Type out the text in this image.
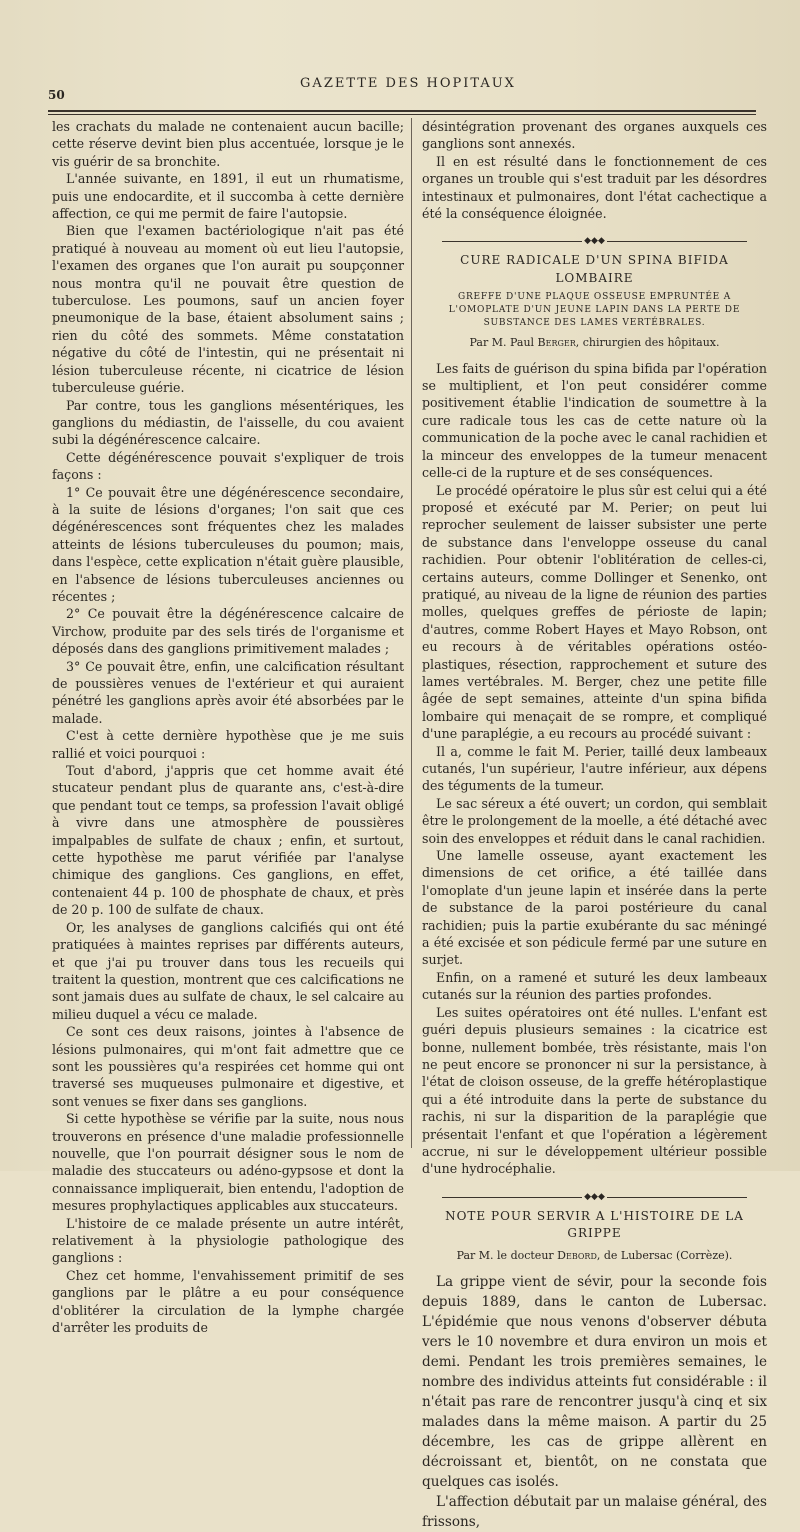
50
GAZETTE DES HOPITAUX

les crachats du malade ne contenaient aucun bacille; cette réserve devint bien plus accentuée, lorsque je le vis guérir de sa bronchite.

L'année suivante, en 1891, il eut un rhumatisme, puis une endocardite, et il succomba à cette dernière affection, ce qui me permit de faire l'autopsie.

Bien que l'examen bactériologique n'ait pas été pratiqué à nouveau au moment où eut lieu l'autopsie, l'examen des organes que l'on aurait pu soupçonner nous montra qu'il ne pouvait être question de tuberculose. Les poumons, sauf un ancien foyer pneumonique de la base, étaient absolument sains ; rien du côté des sommets. Même constatation négative du côté de l'intestin, qui ne présentait ni lésion tuberculeuse récente, ni cicatrice de lésion tuberculeuse guérie.

Par contre, tous les ganglions mésentériques, les ganglions du médiastin, de l'aisselle, du cou avaient subi la dégénérescence calcaire.

Cette dégénérescence pouvait s'expliquer de trois façons :

1° Ce pouvait être une dégénérescence secondaire, à la suite de lésions d'organes; l'on sait que ces dégénérescences sont fréquentes chez les malades atteints de lésions tuberculeuses du poumon; mais, dans l'espèce, cette explication n'était guère plausible, en l'absence de lésions tuberculeuses anciennes ou récentes ;

2° Ce pouvait être la dégénérescence calcaire de Virchow, produite par des sels tirés de l'organisme et déposés dans des ganglions primitivement malades ;

3° Ce pouvait être, enfin, une calcification résultant de poussières venues de l'extérieur et qui auraient pénétré les ganglions après avoir été absorbées par le malade.

C'est à cette dernière hypothèse que je me suis rallié et voici pourquoi :

Tout d'abord, j'appris que cet homme avait été stucateur pendant plus de quarante ans, c'est-à-dire que pendant tout ce temps, sa profession l'avait obligé à vivre dans une atmosphère de poussières impalpables de sulfate de chaux ; enfin, et surtout, cette hypothèse me parut vérifiée par l'analyse chimique des ganglions. Ces ganglions, en effet, contenaient 44 p. 100 de phosphate de chaux, et près de 20 p. 100 de sulfate de chaux.

Or, les analyses de ganglions calcifiés qui ont été pratiquées à maintes reprises par différents auteurs, et que j'ai pu trouver dans tous les recueils qui traitent la question, montrent que ces calcifications ne sont jamais dues au sulfate de chaux, le sel calcaire au milieu duquel a vécu ce malade.

Ce sont ces deux raisons, jointes à l'absence de lésions pulmonaires, qui m'ont fait admettre que ce sont les poussières qu'a respirées cet homme qui ont traversé ses muqueuses pulmonaire et digestive, et sont venues se fixer dans ses ganglions.

Si cette hypothèse se vérifie par la suite, nous nous trouverons en présence d'une maladie professionnelle nouvelle, que l'on pourrait désigner sous le nom de maladie des stuccateurs ou adéno-gypsose et dont la connaissance impliquerait, bien entendu, l'adoption de mesures prophylactiques applicables aux stuccateurs.

L'histoire de ce malade présente un autre intérêt, relativement à la physiologie pathologique des ganglions :

Chez cet homme, l'envahissement primitif de ses ganglions par le plâtre a eu pour conséquence d'oblitérer la circulation de la lymphe chargée d'arrêter les produits de

désintégration provenant des organes auxquels ces ganglions sont annexés.

Il en est résulté dans le fonctionnement de ces organes un trouble qui s'est traduit par les désordres intestinaux et pulmonaires, dont l'état cachectique a été la conséquence éloignée.

◆◆◆
CURE RADICALE D'UN SPINA BIFIDA LOMBAIRE
GREFFE D'UNE PLAQUE OSSEUSE EMPRUNTÉE A L'OMOPLATE D'UN JEUNE LAPIN DANS LA PERTE DE SUBSTANCE DES LAMES VERTÉBRALES.
Par M. Paul Berger, chirurgien des hôpitaux.

Les faits de guérison du spina bifida par l'opération se multiplient, et l'on peut considérer comme positivement établie l'indication de soumettre à la cure radicale tous les cas de cette nature où la communication de la poche avec le canal rachidien et la minceur des enveloppes de la tumeur menacent celle-ci de la rupture et de ses conséquences.

Le procédé opératoire le plus sûr est celui qui a été proposé et exécuté par M. Perier; on peut lui reprocher seulement de laisser subsister une perte de substance dans l'enveloppe osseuse du canal rachidien. Pour obtenir l'oblitération de celles-ci, certains auteurs, comme Dollinger et Senenko, ont pratiqué, au niveau de la ligne de réunion des parties molles, quelques greffes de périoste de lapin; d'autres, comme Robert Hayes et Mayo Robson, ont eu recours à de véritables opérations ostéo-plastiques, résection, rapprochement et suture des lames vertébrales. M. Berger, chez une petite fille âgée de sept semaines, atteinte d'un spina bifida lombaire qui menaçait de se rompre, et compliqué d'une paraplégie, a eu recours au procédé suivant :

Il a, comme le fait M. Perier, taillé deux lambeaux cutanés, l'un supérieur, l'autre inférieur, aux dépens des téguments de la tumeur.

Le sac séreux a été ouvert; un cordon, qui semblait être le prolongement de la moelle, a été détaché avec soin des enveloppes et réduit dans le canal rachidien.

Une lamelle osseuse, ayant exactement les dimensions de cet orifice, a été taillée dans l'omoplate d'un jeune lapin et insérée dans la perte de substance de la paroi postérieure du canal rachidien; puis la partie exubérante du sac méningé a été excisée et son pédicule fermé par une suture en surjet.

Enfin, on a ramené et suturé les deux lambeaux cutanés sur la réunion des parties profondes.

Les suites opératoires ont été nulles. L'enfant est guéri depuis plusieurs semaines : la cicatrice est bonne, nullement bombée, très résistante, mais l'on ne peut encore se prononcer ni sur la persistance, à l'état de cloison osseuse, de la greffe hétéroplastique qui a été introduite dans la perte de substance du rachis, ni sur la disparition de la paraplégie que présentait l'enfant et que l'opération a légèrement accrue, ni sur le développement ultérieur possible d'une hydrocéphalie.

◆◆◆
NOTE POUR SERVIR A L'HISTOIRE DE LA GRIPPE
Par M. le docteur Debord, de Lubersac (Corrèze).

La grippe vient de sévir, pour la seconde fois depuis 1889, dans le canton de Lubersac. L'épidémie que nous venons d'observer débuta vers le 10 novembre et dura environ un mois et demi. Pendant les trois premières semaines, le nombre des individus atteints fut considérable : il n'était pas rare de rencontrer jusqu'à cinq et six malades dans la même maison. A partir du 25 décembre, les cas de grippe allèrent en décroissant et, bientôt, on ne constata que quelques cas isolés.

L'affection débutait par un malaise général, des frissons,
